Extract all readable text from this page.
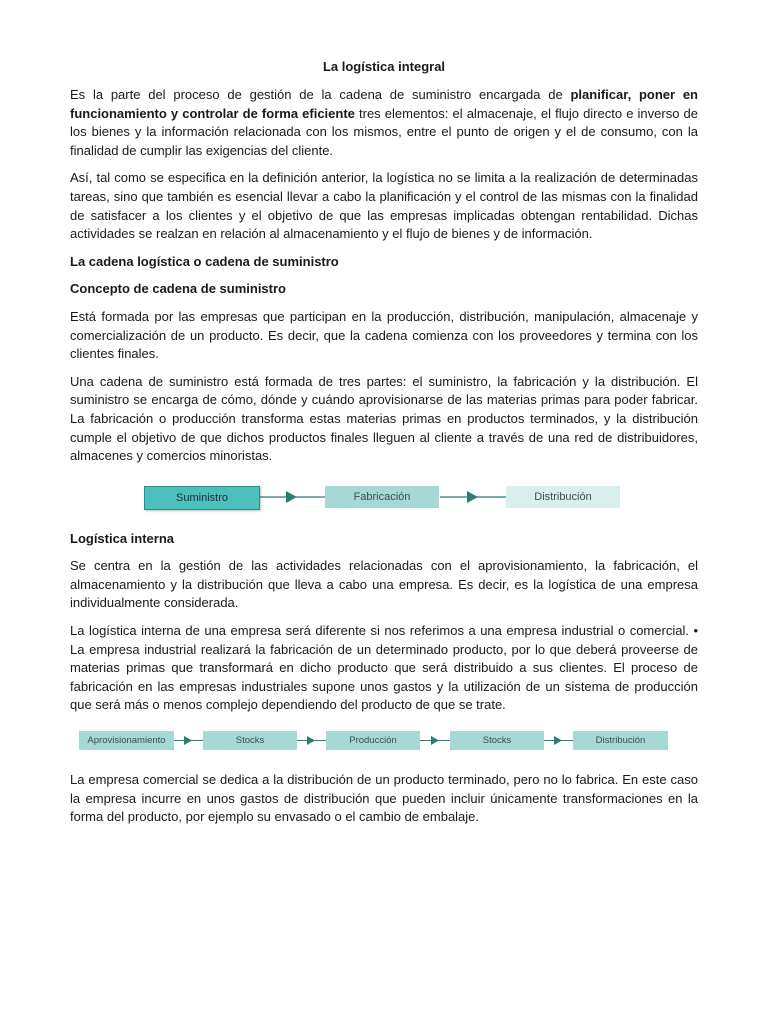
La logística integral

Es la parte del proceso de gestión de la cadena de suministro encargada de planificar, poner en funcionamiento y controlar de forma eficiente tres elementos: el almacenaje, el flujo directo e inverso de los bienes y la información relacionada con los mismos, entre el punto de origen y el de consumo, con la finalidad de cumplir las exigencias del cliente.

Así, tal como se especifica en la definición anterior, la logística no se limita a la realización de determinadas tareas, sino que también es esencial llevar a cabo la planificación y el control de las mismas con la finalidad de satisfacer a los clientes y el objetivo de que las empresas implicadas obtengan rentabilidad. Dichas actividades se realzan en relación al almacenamiento y el flujo de bienes y de información.

La cadena logística o cadena de suministro
Concepto de cadena de suministro

Está formada por las empresas que participan en la producción, distribución, manipulación, almacenaje y comercialización de un producto. Es decir, que la cadena comienza con los proveedores y termina con los clientes finales.

Una cadena de suministro está formada de tres partes: el suministro, la fabricación y la distribución. El suministro se encarga de cómo, dónde y cuándo aprovisionarse de las materias primas para poder fabricar. La fabricación o producción transforma estas materias primas en productos terminados, y la distribución cumple el objetivo de que dichos productos finales lleguen al cliente a través de una red de distribuidores, almacenes y comercios minoristas.

Suministro	Fabricación	Distribución
Logística interna

Se centra en la gestión de las actividades relacionadas con el aprovisionamiento, la fabricación, el almacenamiento y la distribución que lleva a cabo una empresa. Es decir, es la logística de una empresa individualmente considerada.

La logística interna de una empresa será diferente si nos referimos a una empresa industrial o comercial. • La empresa industrial realizará la fabricación de un determinado producto, por lo que deberá proveerse de materias primas que transformará en dicho producto que será distribuido a sus clientes. El proceso de fabricación en las empresas industriales supone unos gastos y la utilización de un sistema de producción que será más o menos complejo dependiendo del producto de que se trate.

Aprovisionamiento	Stocks	Producción	Stocks	Distribución

La empresa comercial se dedica a la distribución de un producto terminado, pero no lo fabrica. En este caso la empresa incurre en unos gastos de distribución que pueden incluir únicamente transformaciones en la forma del producto, por ejemplo su envasado o el cambio de embalaje.
